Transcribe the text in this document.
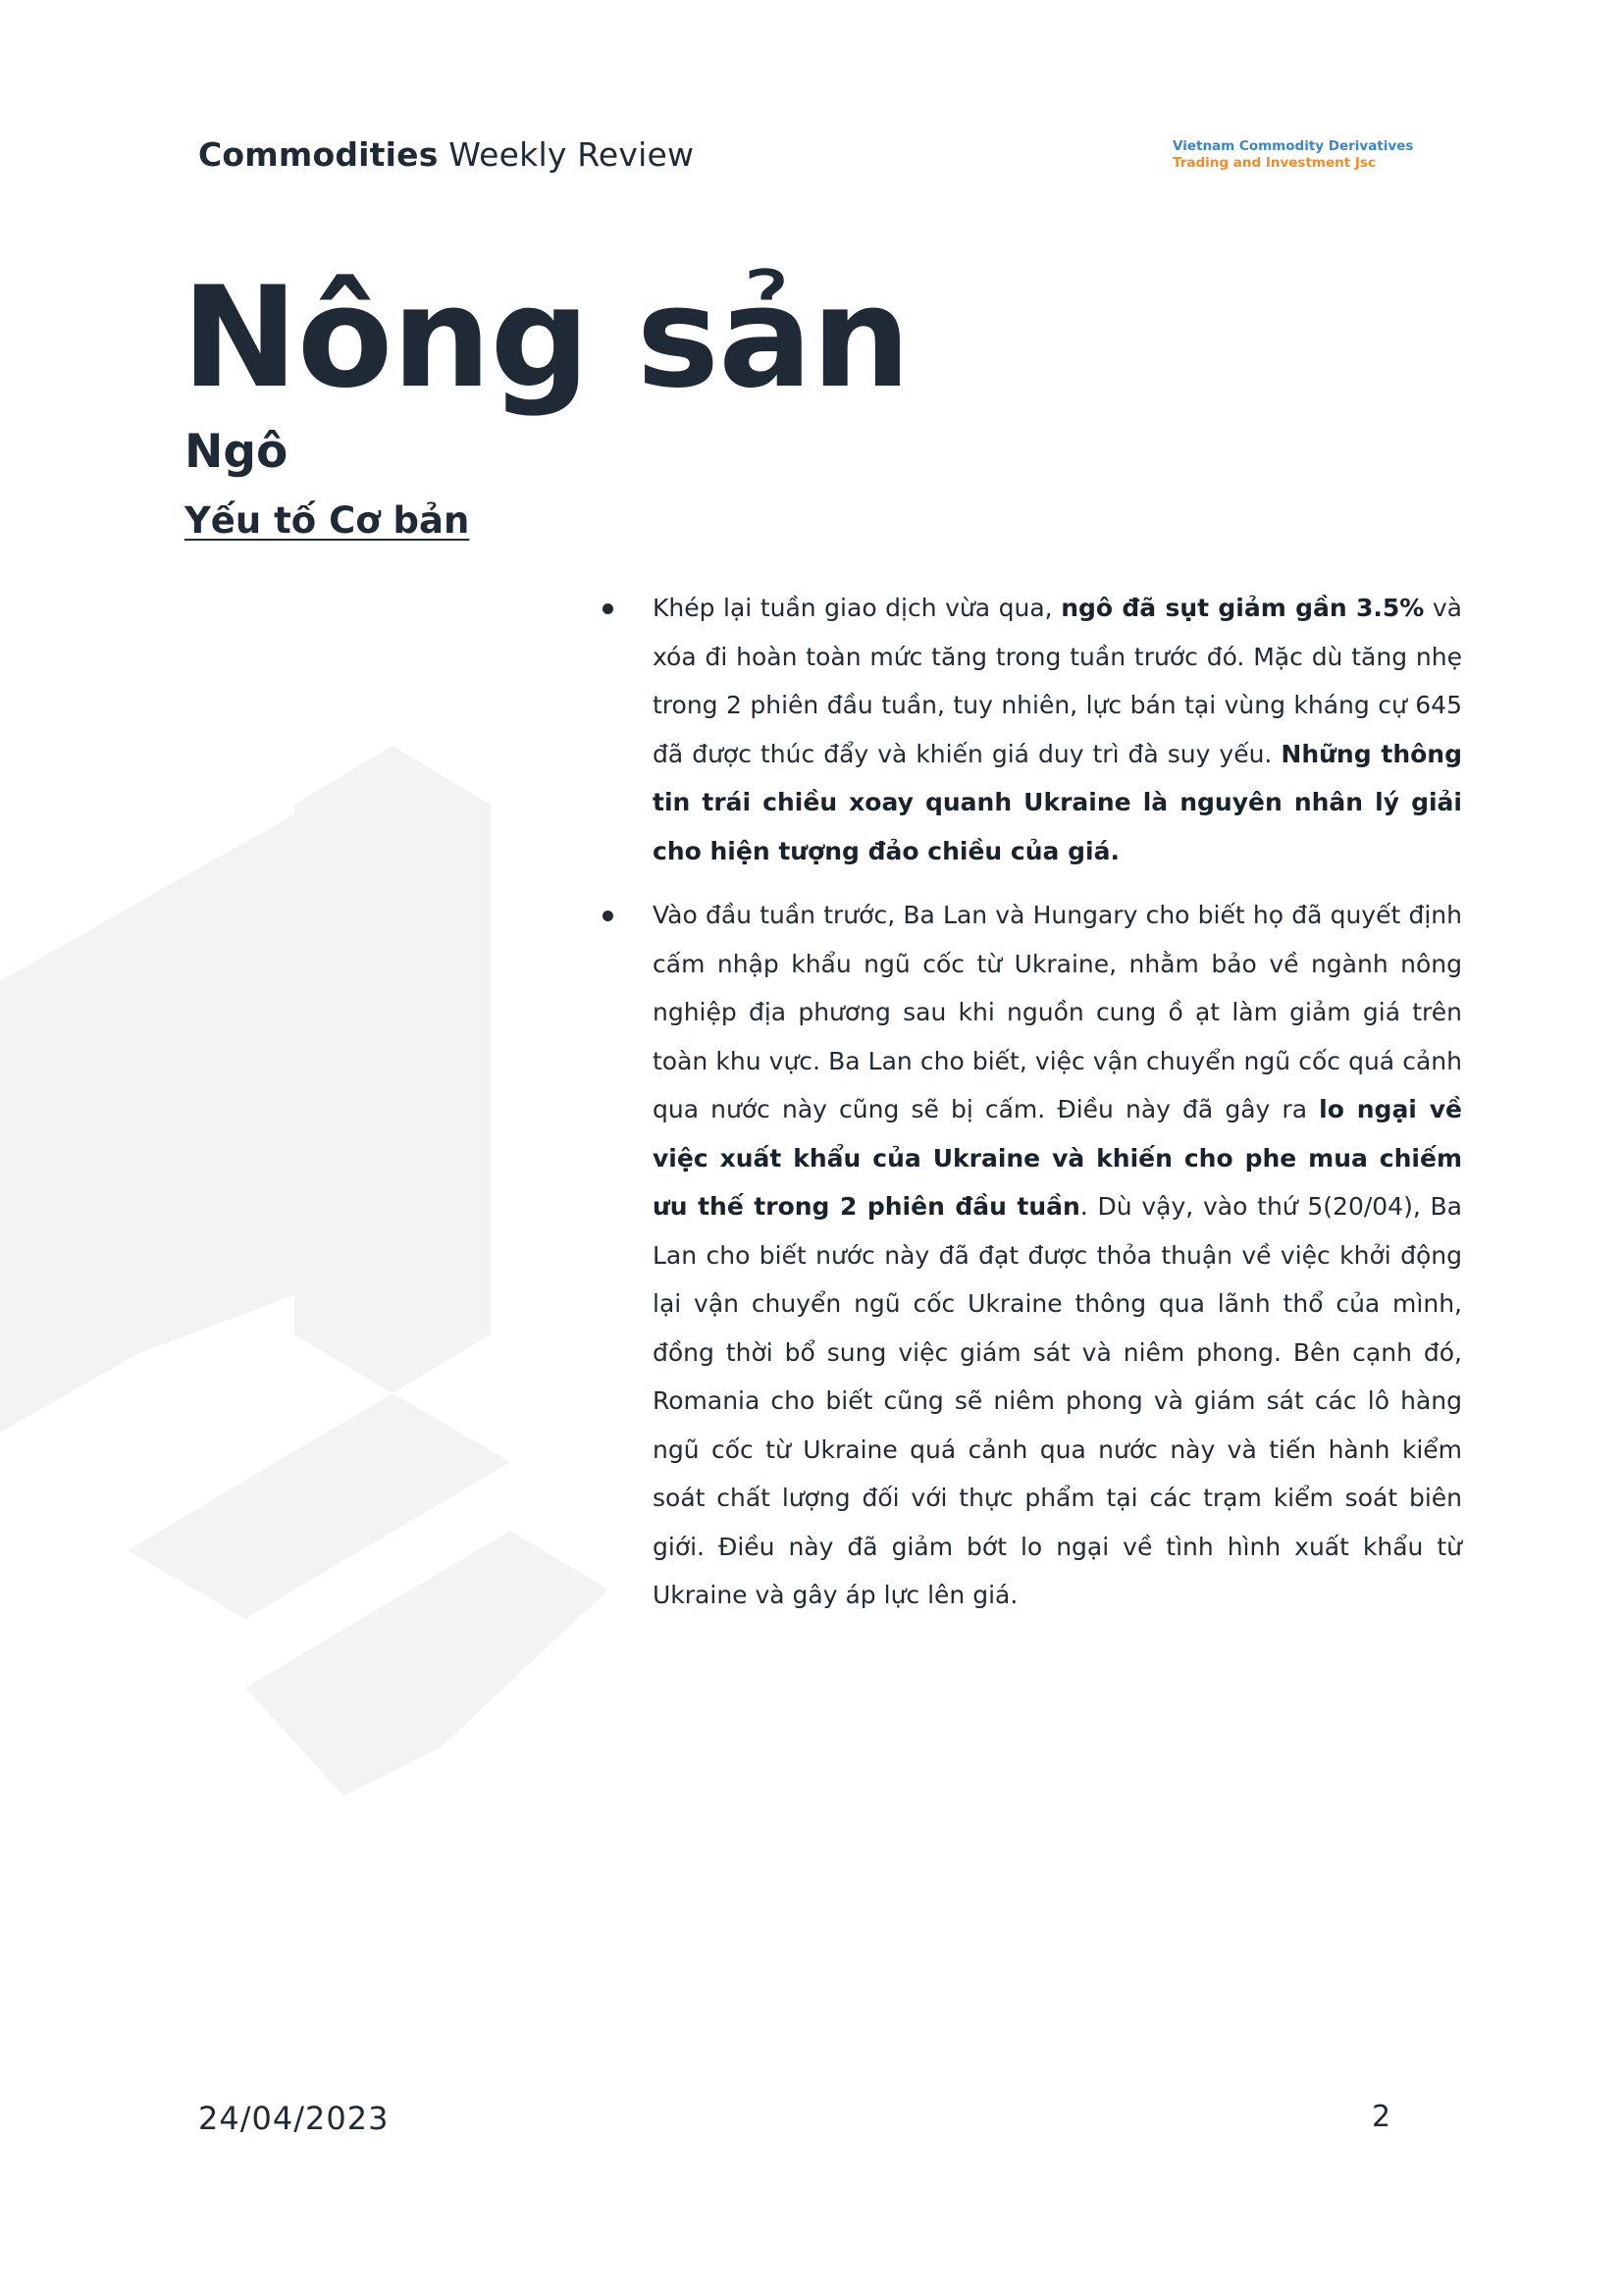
Commodities Weekly Review	Vietnam Commodity Derivatives
Trading and Investment Jsc
Nông sản
Ngô
Yếu tố Cơ bản
Khép lại tuần giao dịch vừa qua, ngô đã sụt giảm gần 3.5% và xóa đi hoàn toàn mức tăng trong tuần trước đó. Mặc dù tăng nhẹ trong 2 phiên đầu tuần, tuy nhiên, lực bán tại vùng kháng cự 645 đã được thúc đẩy và khiến giá duy trì đà suy yếu. Những thông tin trái chiều xoay quanh Ukraine là nguyên nhân lý giải cho hiện tượng đảo chiều của giá.
Vào đầu tuần trước, Ba Lan và Hungary cho biết họ đã quyết định cấm nhập khẩu ngũ cốc từ Ukraine, nhằm bảo về ngành nông nghiệp địa phương sau khi nguồn cung ồ ạt làm giảm giá trên toàn khu vực. Ba Lan cho biết, việc vận chuyển ngũ cốc quá cảnh qua nước này cũng sẽ bị cấm. Điều này đã gây ra lo ngại về việc xuất khẩu của Ukraine và khiến cho phe mua chiếm ưu thế trong 2 phiên đầu tuần. Dù vậy, vào thứ 5(20/04), Ba Lan cho biết nước này đã đạt được thỏa thuận về việc khởi động lại vận chuyển ngũ cốc Ukraine thông qua lãnh thổ của mình, đồng thời bổ sung việc giám sát và niêm phong. Bên cạnh đó, Romania cho biết cũng sẽ niêm phong và giám sát các lô hàng ngũ cốc từ Ukraine quá cảnh qua nước này và tiến hành kiểm soát chất lượng đối với thực phẩm tại các trạm kiểm soát biên giới. Điều này đã giảm bớt lo ngại về tình hình xuất khẩu từ Ukraine và gây áp lực lên giá.
24/04/2023	2
